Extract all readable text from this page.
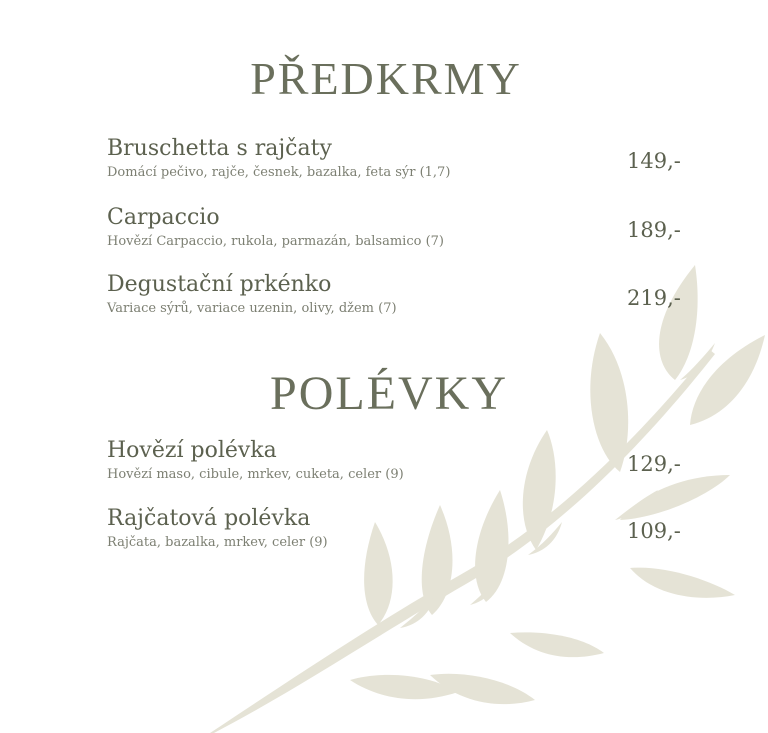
PŘEDKRMY
Bruschetta s rajčaty
Domácí pečivo, rajče, česnek, bazalka, feta sýr (1,7)	149,-
Carpaccio
Hovězí Carpaccio, rukola, parmazán, balsamico (7)	189,-
Degustační prkénko
Variace sýrů, variace uzenin, olivy, džem (7)	219,-
POLÉVKY
Hovězí polévka
Hovězí maso, cibule, mrkev, cuketa, celer (9)	129,-
Rajčatová polévka
Rajčata, bazalka, mrkev, celer (9)	109,-
